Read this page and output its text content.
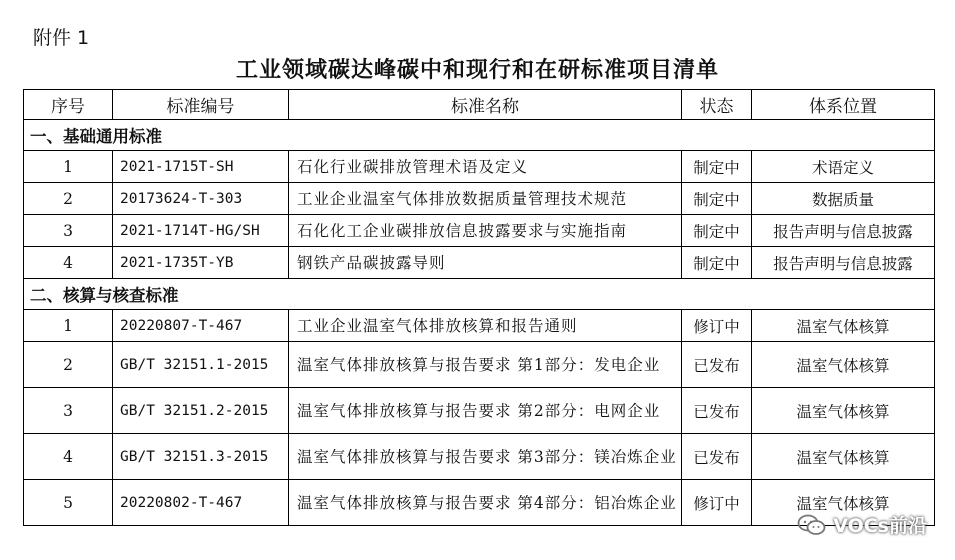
附件 1
工业领域碳达峰碳中和现行和在研标准项目清单
序号	标准编号	标准名称	状态	体系位置
一、基础通用标准				
1	2021-1715T-SH	石化行业碳排放管理术语及定义	制定中	术语定义
2	20173624-T-303	工业企业温室气体排放数据质量管理技术规范	制定中	数据质量
3	2021-1714T-HG/SH	石化化工企业碳排放信息披露要求与实施指南	制定中	报告声明与信息披露
4	2021-1735T-YB	钢铁产品碳披露导则	制定中	报告声明与信息披露
二、核算与核查标准				
1	20220807-T-467	工业企业温室气体排放核算和报告通则	修订中	温室气体核算
2	GB/T 32151.1-2015	温室气体排放核算与报告要求 第1部分：发电企业	已发布	温室气体核算
3	GB/T 32151.2-2015	温室气体排放核算与报告要求 第2部分：电网企业	已发布	温室气体核算
4	GB/T 32151.3-2015	温室气体排放核算与报告要求 第3部分：镁冶炼企业	已发布	温室气体核算
5	20220802-T-467	温室气体排放核算与报告要求 第4部分：铝冶炼企业	修订中	温室气体核算
VOCs前沿
